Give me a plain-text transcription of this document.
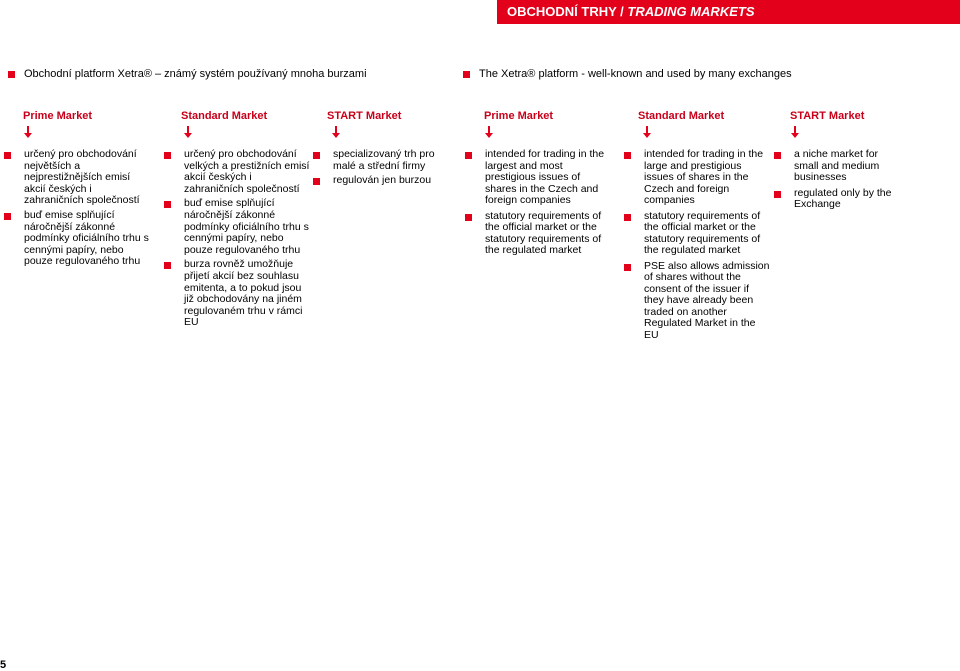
OBCHODNÍ TRHY / TRADING MARKETS
Obchodní platform Xetra® – známý systém používaný mnoha burzami	The Xetra® platform - well-known and used by many exchanges
Prime Market
určený pro obchodování největších a nejprestižnějších emisí akcií českých i zahraničních společností
buď emise splňující náročnější zákonné podmínky oficiálního trhu s cennými papíry, nebo pouze regulovaného trhu
Standard Market
určený pro obchodování velkých a prestižních emisí akcií českých i zahraničních společností
buď emise splňující náročnější zákonné podmínky oficiálního trhu s cennými papíry, nebo pouze regulovaného trhu
burza rovněž umožňuje přijetí akcií bez souhlasu emitenta, a to pokud jsou již obchodovány na jiném regulovaném trhu v rámci EU
START Market
specializovaný trh pro malé a střední firmy
regulován jen burzou
Prime Market
intended for trading in the largest and most prestigious issues of shares in the Czech and foreign companies
statutory requirements of the official market or the statutory requirements of the regulated market
Standard Market
intended for trading in the large and prestigious issues of shares in the Czech and foreign companies
statutory requirements of the official market or the statutory requirements of the regulated market
PSE also allows admission of shares without the consent of the issuer if they have already been traded on another Regulated Market in the EU
START Market
a niche market for small and medium businesses
regulated only by the Exchange
5
